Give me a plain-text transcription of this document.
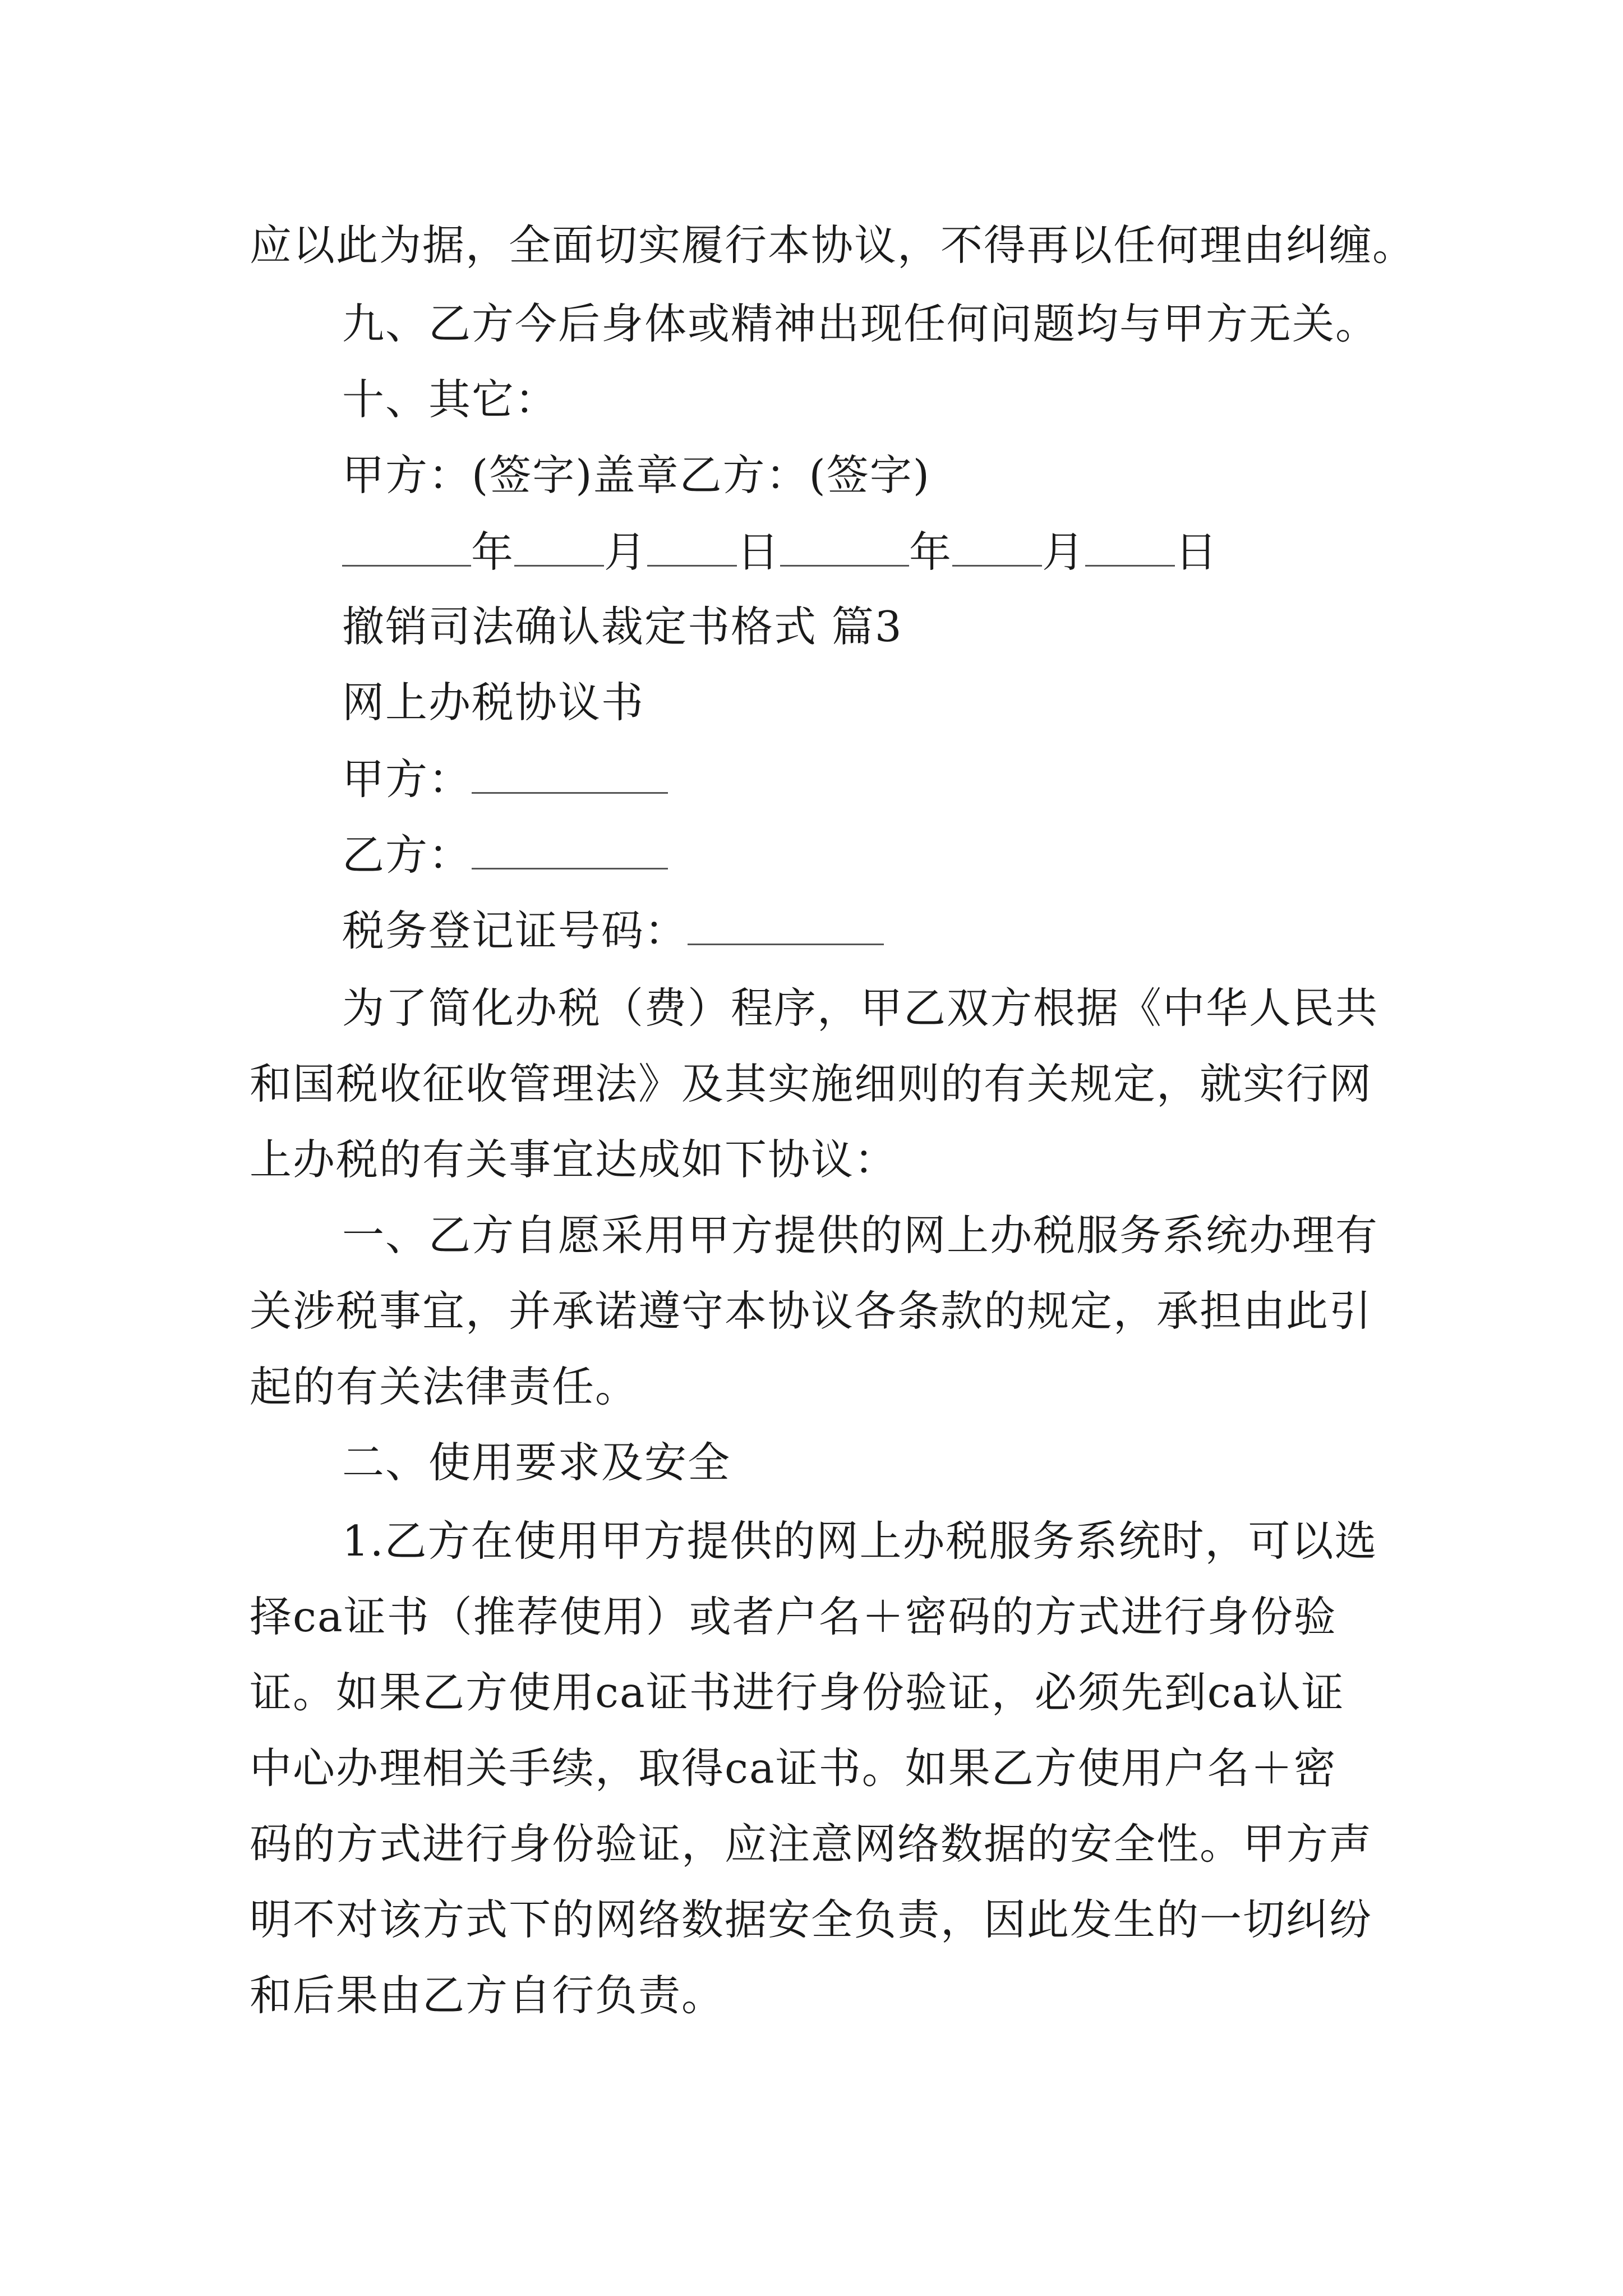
应以此为据，全面切实履行本协议，不得再以任何理由纠缠。
九、乙方今后身体或精神出现任何问题均与甲方无关。
十、其它：
甲方：(签字)盖章乙方：(签字)
年 月 日	年 月 日
撤销司法确认裁定书格式 篇3
网上办税协议书
甲方：
乙方：
税务登记证号码：
为了简化办税（费）程序，甲乙双方根据《中华人民共
和国税收征收管理法》及其实施细则的有关规定，就实行网
上办税的有关事宜达成如下协议：
一、乙方自愿采用甲方提供的网上办税服务系统办理有
关涉税事宜，并承诺遵守本协议各条款的规定，承担由此引
起的有关法律责任。
二、使用要求及安全
1.乙方在使用甲方提供的网上办税服务系统时，可以选
择ca证书（推荐使用）或者户名＋密码的方式进行身份验
证。如果乙方使用ca证书进行身份验证，必须先到ca认证
中心办理相关手续，取得ca证书。如果乙方使用户名＋密
码的方式进行身份验证，应注意网络数据的安全性。甲方声
明不对该方式下的网络数据安全负责，因此发生的一切纠纷
和后果由乙方自行负责。
